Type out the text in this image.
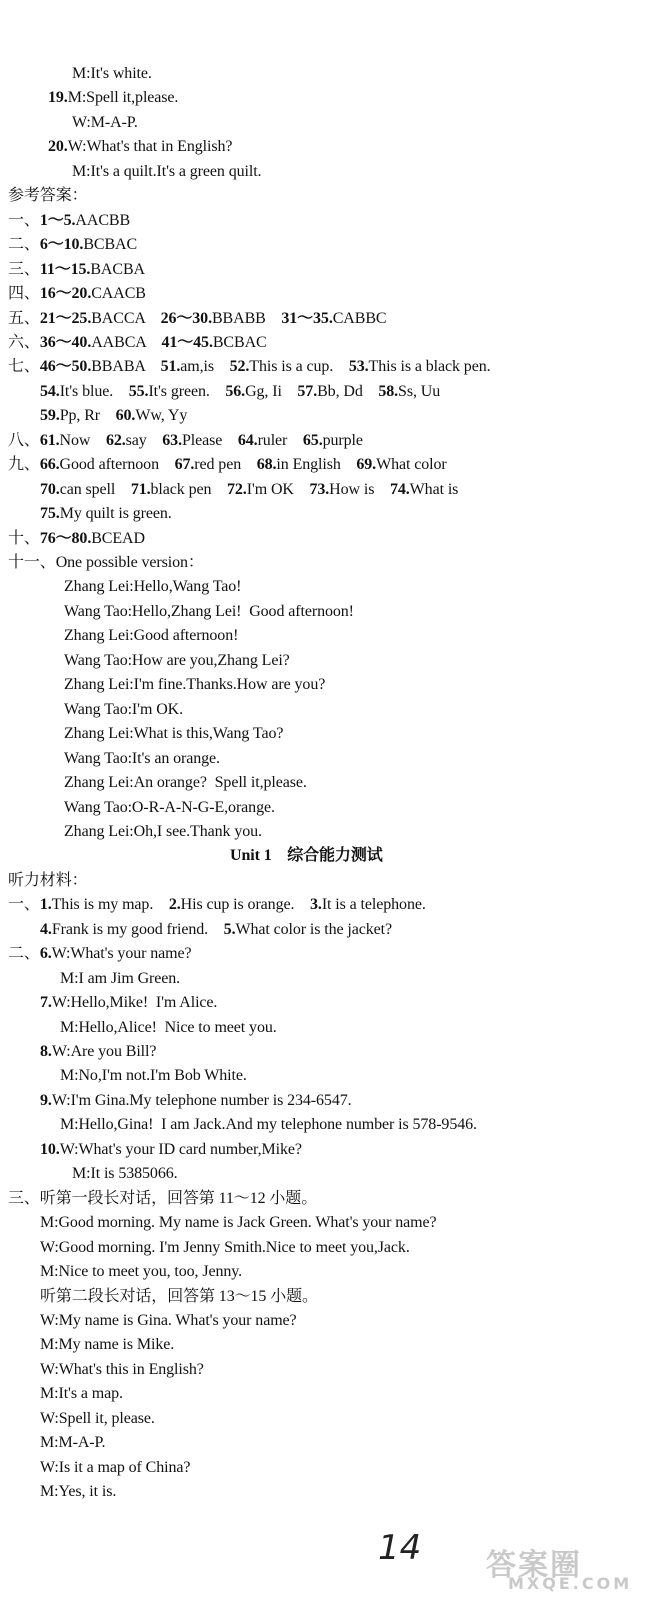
M:It's white.
19.M:Spell it,please.
W:M-A-P.
20.W:What's that in English?
M:It's a quilt.It's a green quilt.
参考答案：
一、1～5.AACBB
二、6～10.BCBAC
三、11～15.BACBA
四、16～20.CAACB
五、21～25.BACCA    26～30.BBABB    31～35.CABBC
六、36～40.AABCA    41～45.BCBAC
七、46～50.BBABA    51.am,is    52.This is a cup.    53.This is a black pen.
54.It's blue.    55.It's green.    56.Gg, Ii    57.Bb, Dd    58.Ss, Uu
59.Pp, Rr    60.Ww, Yy
八、61.Now    62.say    63.Please    64.ruler    65.purple
九、66.Good afternoon    67.red pen    68.in English    69.What color
70.can spell    71.black pen    72.I'm OK    73.How is    74.What is
75.My quilt is green.
十、76～80.BCEAD
十一、One possible version：
Zhang Lei:Hello,Wang Tao!
Wang Tao:Hello,Zhang Lei!  Good afternoon!
Zhang Lei:Good afternoon!
Wang Tao:How are you,Zhang Lei?
Zhang Lei:I'm fine.Thanks.How are you?
Wang Tao:I'm OK.
Zhang Lei:What is this,Wang Tao?
Wang Tao:It's an orange.
Zhang Lei:An orange?  Spell it,please.
Wang Tao:O-R-A-N-G-E,orange.
Zhang Lei:Oh,I see.Thank you.
Unit 1    综合能力测试
听力材料：
一、1.This is my map.    2.His cup is orange.    3.It is a telephone.
4.Frank is my good friend.    5.What color is the jacket?
二、6.W:What's your name?
M:I am Jim Green.
7.W:Hello,Mike!  I'm Alice.
M:Hello,Alice!  Nice to meet you.
8.W:Are you Bill?
M:No,I'm not.I'm Bob White.
9.W:I'm Gina.My telephone number is 234-6547.
M:Hello,Gina!  I am Jack.And my telephone number is 578-9546.
10.W:What's your ID card number,Mike?
M:It is 5385066.
三、听第一段长对话，回答第 11～12 小题。
M:Good morning. My name is Jack Green. What's your name?
W:Good morning. I'm Jenny Smith.Nice to meet you,Jack.
M:Nice to meet you, too, Jenny.
听第二段长对话，回答第 13～15 小题。
W:My name is Gina. What's your name?
M:My name is Mike.
W:What's this in English?
M:It's a map.
W:Spell it, please.
M:M-A-P.
W:Is it a map of China?
M:Yes, it is.
14 答案圈
MXQE.COM
